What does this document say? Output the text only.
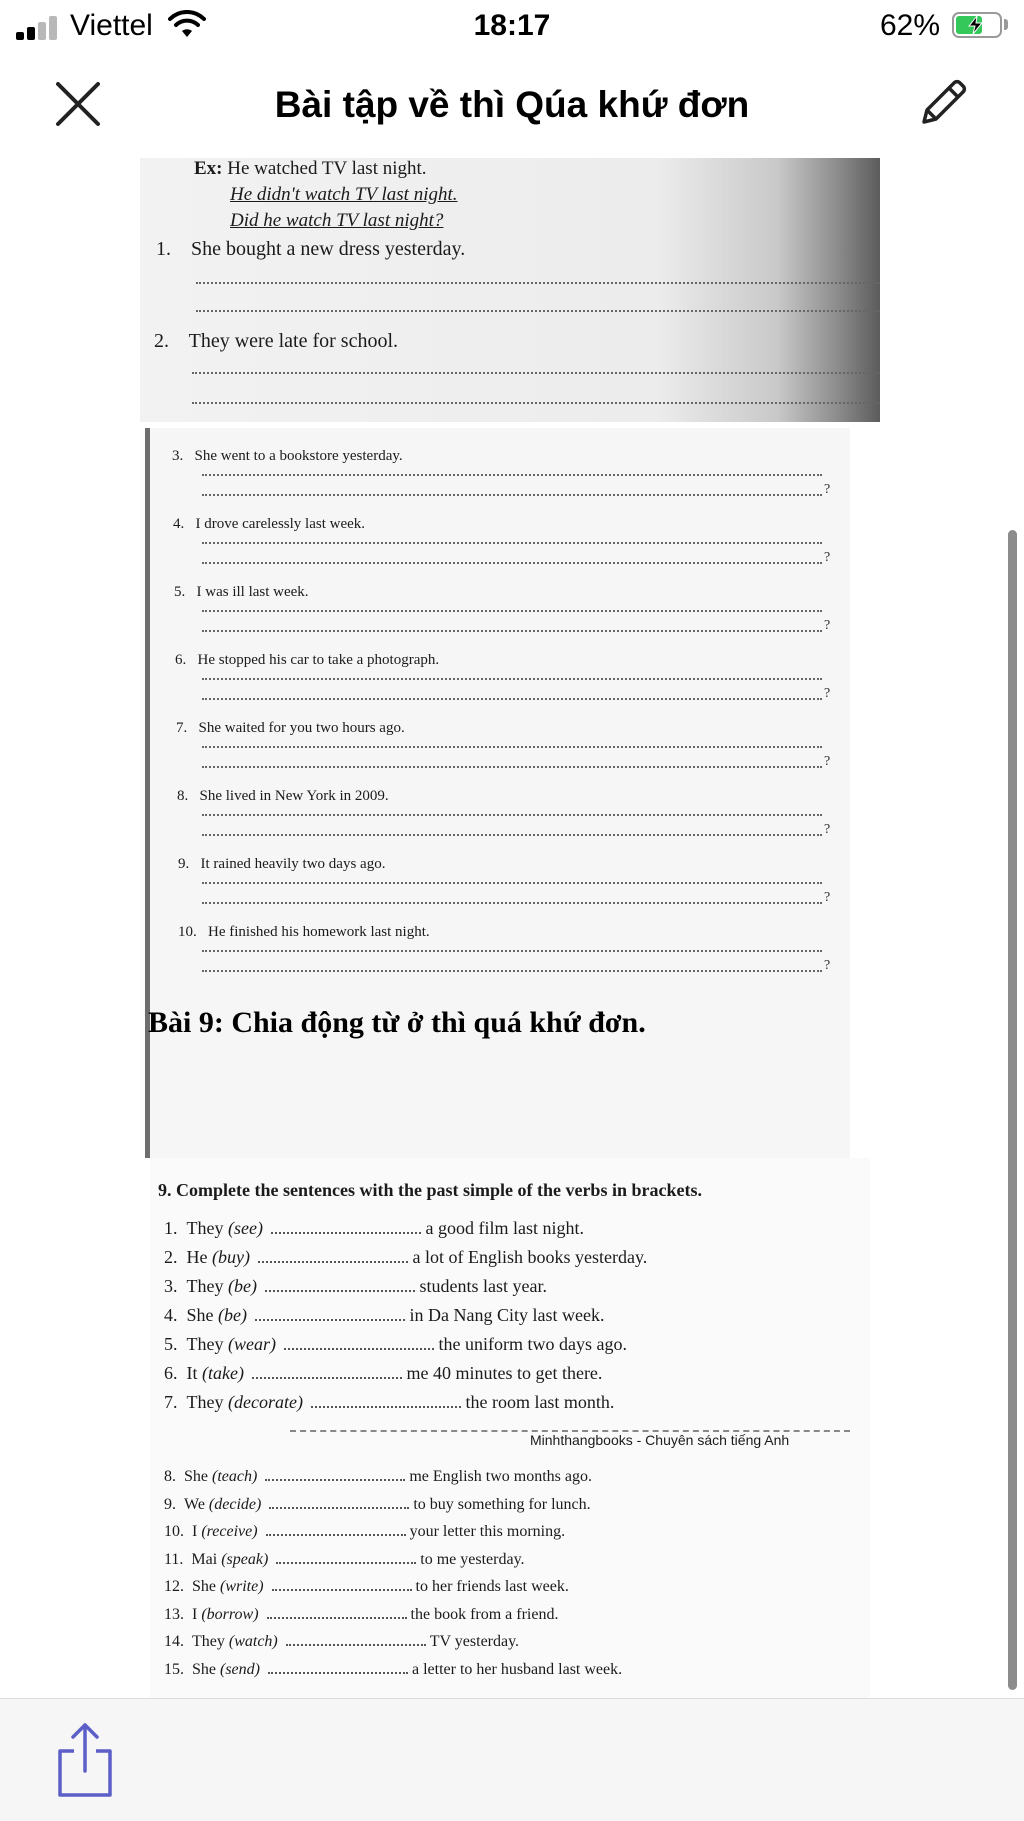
Viettel	18:17	62%
Bài tập về thì Qúa khứ đơn
Ex: He watched TV last night.
He didn't watch TV last night.
Did he watch TV last night?
1. She bought a new dress yesterday.
2. They were late for school.
3. She went to a bookstore yesterday.
?
4. I drove carelessly last week.
?
5. I was ill last week.
?
6. He stopped his car to take a photograph.
?
7. She waited for you two hours ago.
?
8. She lived in New York in 2009.
?
9. It rained heavily two days ago.
?
10. He finished his homework last night.
?
Bài 9: Chia động từ ở thì quá khứ đơn.
9. Complete the sentences with the past simple of the verbs in brackets.
1. They (see)	a good film last night.
2. He (buy)	a lot of English books yesterday.
3. They (be)	students last year.
4. She (be)	in Da Nang City last week.
5. They (wear)	the uniform two days ago.
6. It (take)	me 40 minutes to get there.
7. They (decorate)	the room last month.
Minhthangbooks - Chuyên sách tiếng Anh
8. She (teach)	me English two months ago.
9. We (decide)	to buy something for lunch.
10. I (receive)	your letter this morning.
11. Mai (speak)	to me yesterday.
12. She (write)	to her friends last week.
13. I (borrow)	the book from a friend.
14. They (watch)	TV yesterday.
15. She (send)	a letter to her husband last week.
